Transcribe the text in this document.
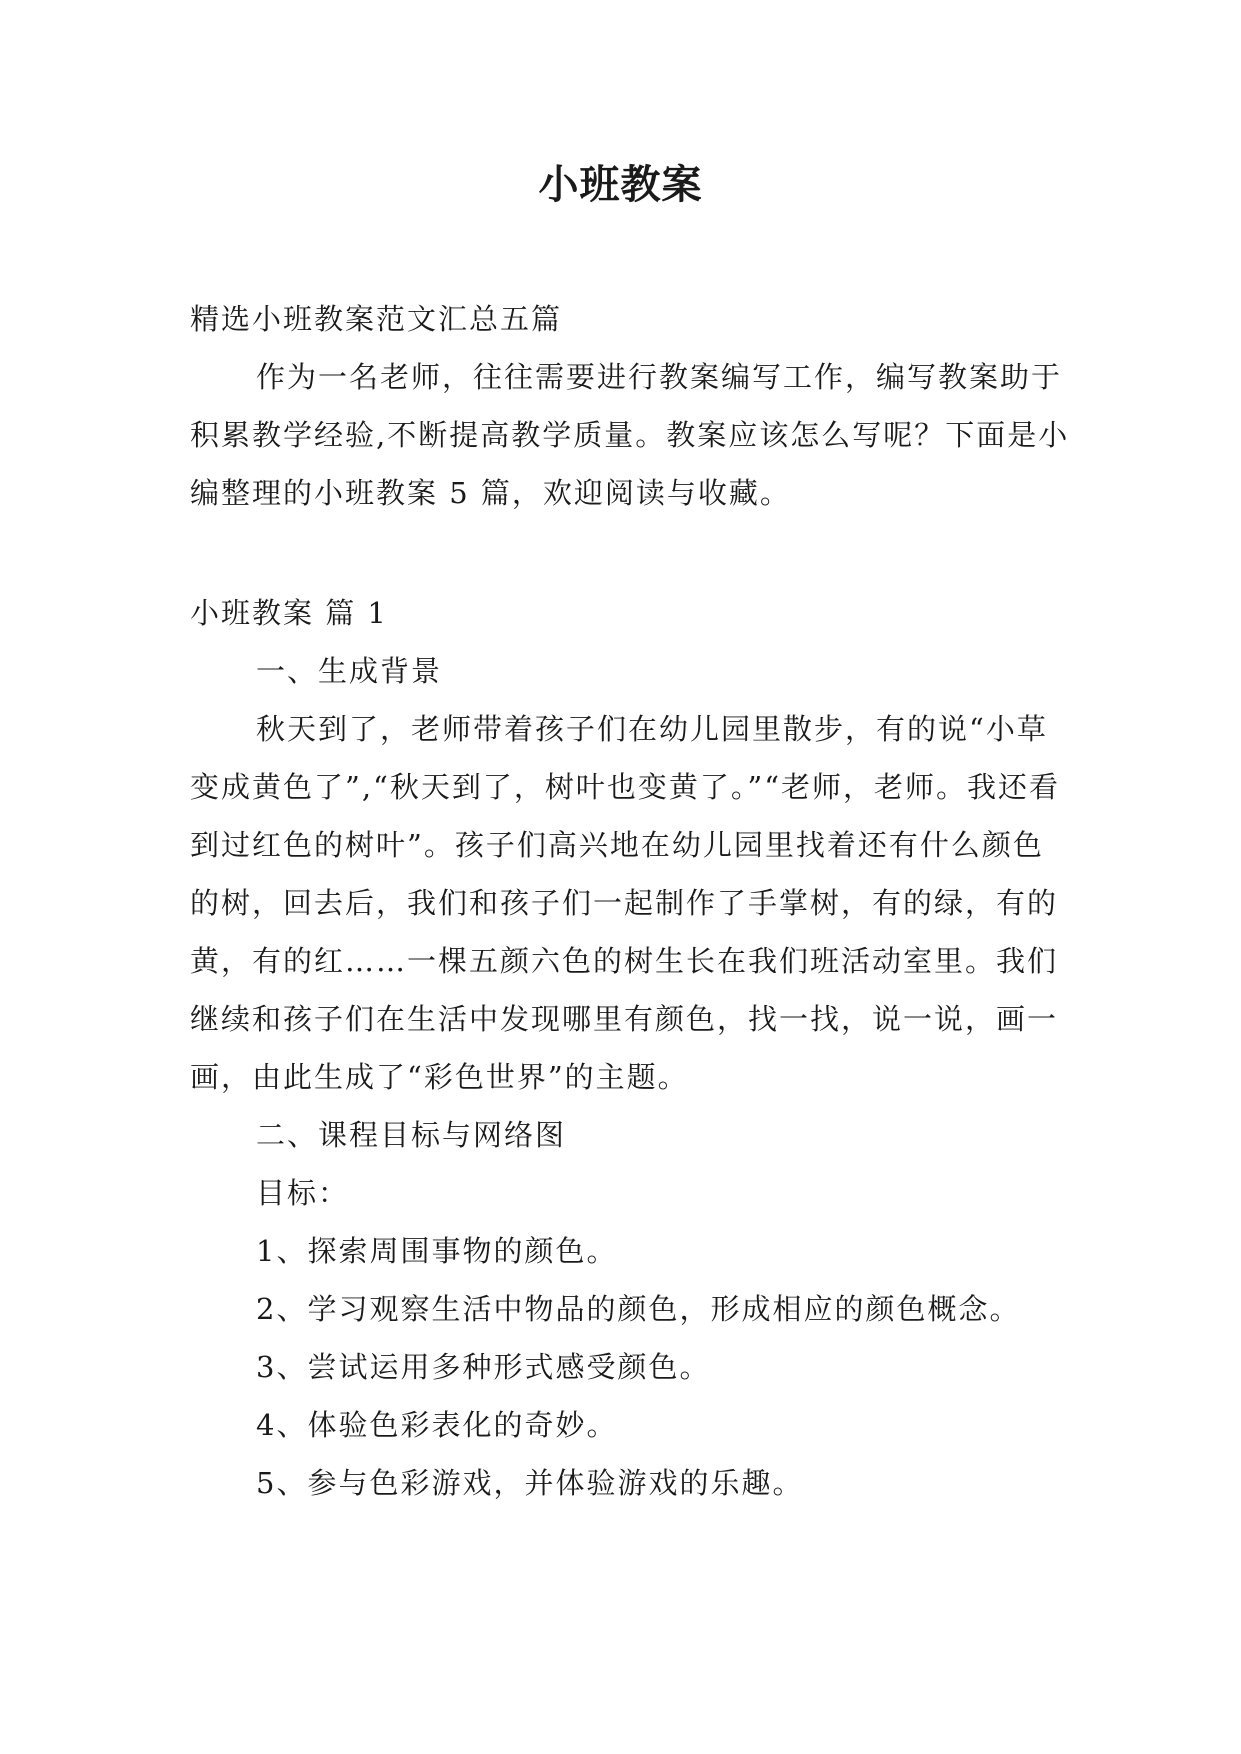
小班教案

精选小班教案范文汇总五篇

作为一名老师，往往需要进行教案编写工作，编写教案助于积累教学经验,不断提高教学质量。教案应该怎么写呢？下面是小编整理的小班教案 5 篇，欢迎阅读与收藏。

小班教案 篇 1

一、生成背景

秋天到了，老师带着孩子们在幼儿园里散步，有的说“小草变成黄色了”,“秋天到了，树叶也变黄了。”“老师，老师。我还看到过红色的树叶”。孩子们高兴地在幼儿园里找着还有什么颜色的树，回去后，我们和孩子们一起制作了手掌树，有的绿，有的黄，有的红……一棵五颜六色的树生长在我们班活动室里。我们继续和孩子们在生活中发现哪里有颜色，找一找，说一说，画一画，由此生成了“彩色世界”的主题。

二、课程目标与网络图

目标：

1、探索周围事物的颜色。

2、学习观察生活中物品的颜色，形成相应的颜色概念。

3、尝试运用多种形式感受颜色。

4、体验色彩表化的奇妙。

5、参与色彩游戏，并体验游戏的乐趣。
